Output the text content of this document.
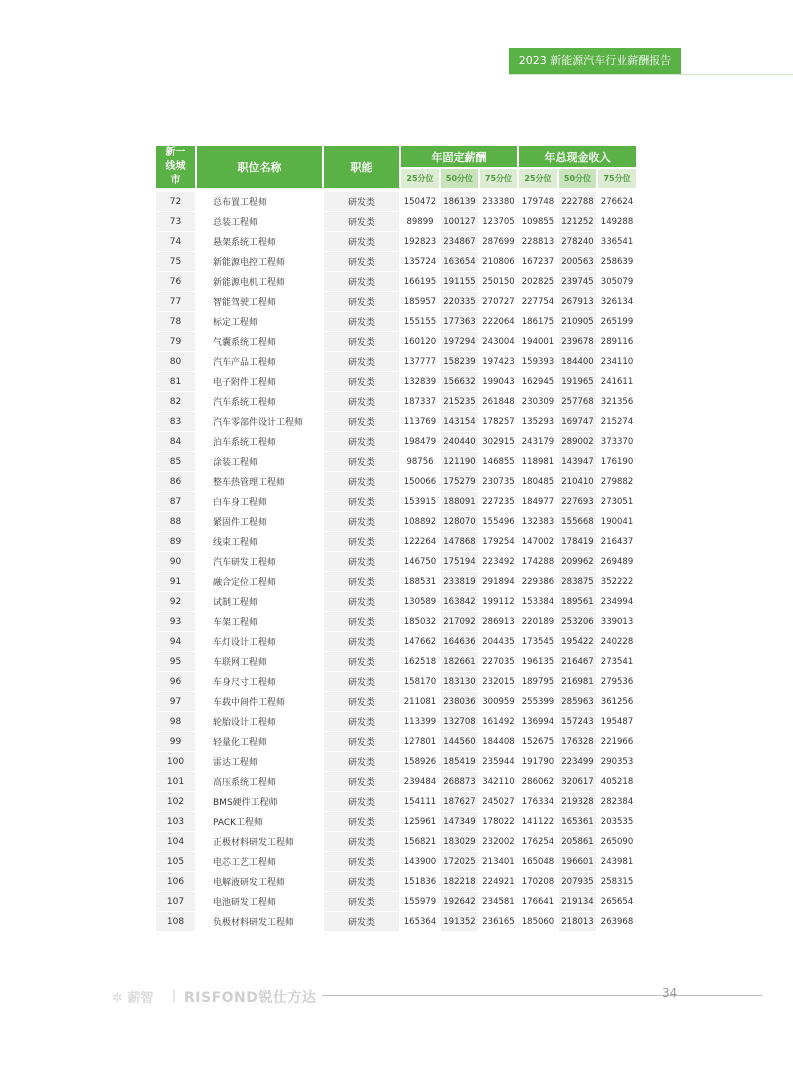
2023 新能源汽车行业薪酬报告
新一线城市	职位名称	职能	年固定薪酬			年总现金收入		
			25分位	50分位	75分位	25分位	50分位	75分位

72	总布置工程师	研发类	150472	186139	233380	179748	222788	276624
73	总装工程师	研发类	89899	100127	123705	109855	121252	149288
74	悬架系统工程师	研发类	192823	234867	287699	228813	278240	336541
75	新能源电控工程师	研发类	135724	163654	210806	167237	200563	258639
76	新能源电机工程师	研发类	166195	191155	250150	202825	239745	305079
77	智能驾驶工程师	研发类	185957	220335	270727	227754	267913	326134
78	标定工程师	研发类	155155	177363	222064	186175	210905	265199
79	气囊系统工程师	研发类	160120	197294	243004	194001	239678	289116
80	汽车产品工程师	研发类	137777	158239	197423	159393	184400	234110
81	电子附件工程师	研发类	132839	156632	199043	162945	191965	241611
82	汽车系统工程师	研发类	187337	215235	261848	230309	257768	321356
83	汽车零部件设计工程师	研发类	113769	143154	178257	135293	169747	215274
84	泊车系统工程师	研发类	198479	240440	302915	243179	289002	373370
85	涂装工程师	研发类	98756	121190	146855	118981	143947	176190
86	整车热管理工程师	研发类	150066	175279	230735	180485	210410	279882
87	白车身工程师	研发类	153915	188091	227235	184977	227693	273051
88	紧固件工程师	研发类	108892	128070	155496	132383	155668	190041
89	线束工程师	研发类	122264	147868	179254	147002	178419	216437
90	汽车研发工程师	研发类	146750	175194	223492	174288	209962	269489
91	融合定位工程师	研发类	188531	233819	291894	229386	283875	352222
92	试制工程师	研发类	130589	163842	199112	153384	189561	234994
93	车架工程师	研发类	185032	217092	286913	220189	253206	339013
94	车灯设计工程师	研发类	147662	164636	204435	173545	195422	240228
95	车联网工程师	研发类	162518	182661	227035	196135	216467	273541
96	车身尺寸工程师	研发类	158170	183130	232015	189795	216981	279536
97	车载中间件工程师	研发类	211081	238036	300959	255399	285963	361256
98	轮胎设计工程师	研发类	113399	132708	161492	136994	157243	195487
99	轻量化工程师	研发类	127801	144560	184408	152675	176328	221966
100	雷达工程师	研发类	158926	185419	235944	191790	223499	290353
101	高压系统工程师	研发类	239484	268873	342110	286062	320617	405218
102	BMS硬件工程师	研发类	154111	187627	245027	176334	219328	282384
103	PACK工程师	研发类	125961	147349	178022	141122	165361	203535
104	正极材料研发工程师	研发类	156821	183029	232002	176254	205861	265090
105	电芯工艺工程师	研发类	143900	172025	213401	165048	196601	243981
106	电解液研发工程师	研发类	151836	182218	224921	170208	207935	258315
107	电池研发工程师	研发类	155979	192642	234581	176641	219134	265654
108	负极材料研发工程师	研发类	165364	191352	236165	185060	218013	263968
✲ 薪智 | RISFOND锐仕方达	34
